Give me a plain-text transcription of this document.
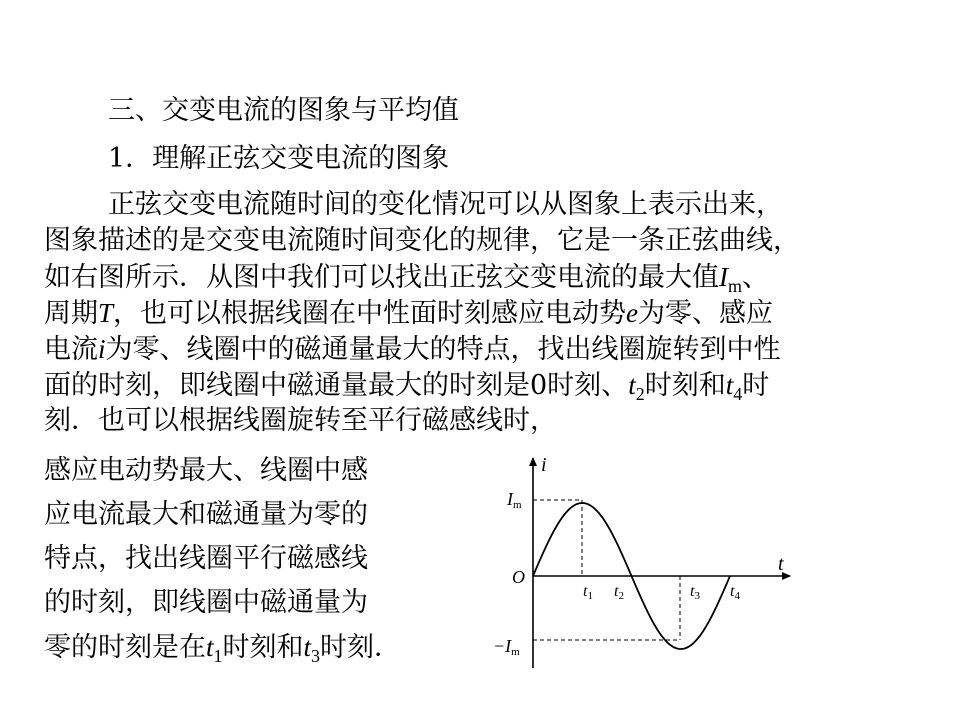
三、交变电流的图象与平均值
1．理解正弦交变电流的图象
正弦交变电流随时间的变化情况可以从图象上表示出来，
图象描述的是交变电流随时间变化的规律，它是一条正弦曲线，
如右图所示．从图中我们可以找出正弦交变电流的最大值$I_m$、
周期T，也可以根据线圈在中性面时刻感应电动势e为零、感应
电流i为零、线圈中的磁通量最大的特点，找出线圈旋转到中性
面的时刻，即线圈中磁通量最大的时刻是0时刻、$t_2$时刻和$t_4$时
刻．也可以根据线圈旋转至平行磁感线时，
感应电动势最大、线圈中感
应电流最大和磁通量为零的
特点，找出线圈平行磁感线
的时刻，即线圈中磁通量为
零的时刻是在$t_1$时刻和$t_3$时刻．
i
t
O
Im
−Im
t1 t2	t3 t4
